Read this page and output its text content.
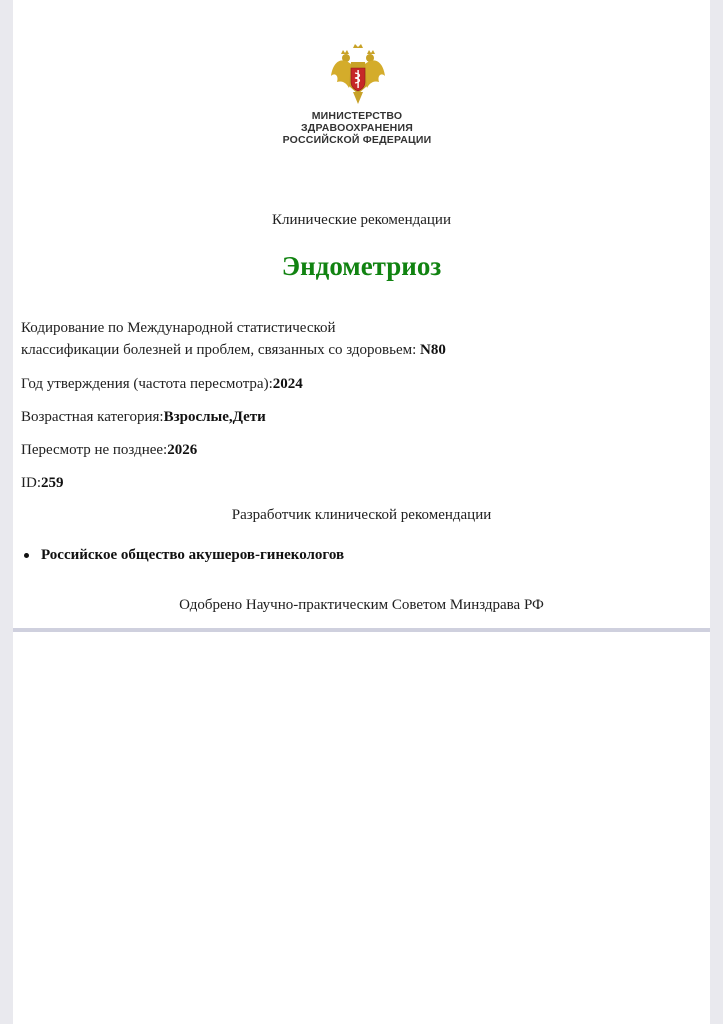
МИНИСТЕРСТВО
ЗДРАВООХРАНЕНИЯ
РОССИЙСКОЙ ФЕДЕРАЦИИ
Клинические рекомендации
Эндометриоз
Кодирование по Международной статистической
классификации болезней и проблем, связанных со здоровьем: N80
Год утверждения (частота пересмотра):2024
Возрастная категория:Взрослые,Дети
Пересмотр не позднее:2026
ID:259
Разработчик клинической рекомендации
Российское общество акушеров-гинекологов
Одобрено Научно-практическим Советом Минздрава РФ
